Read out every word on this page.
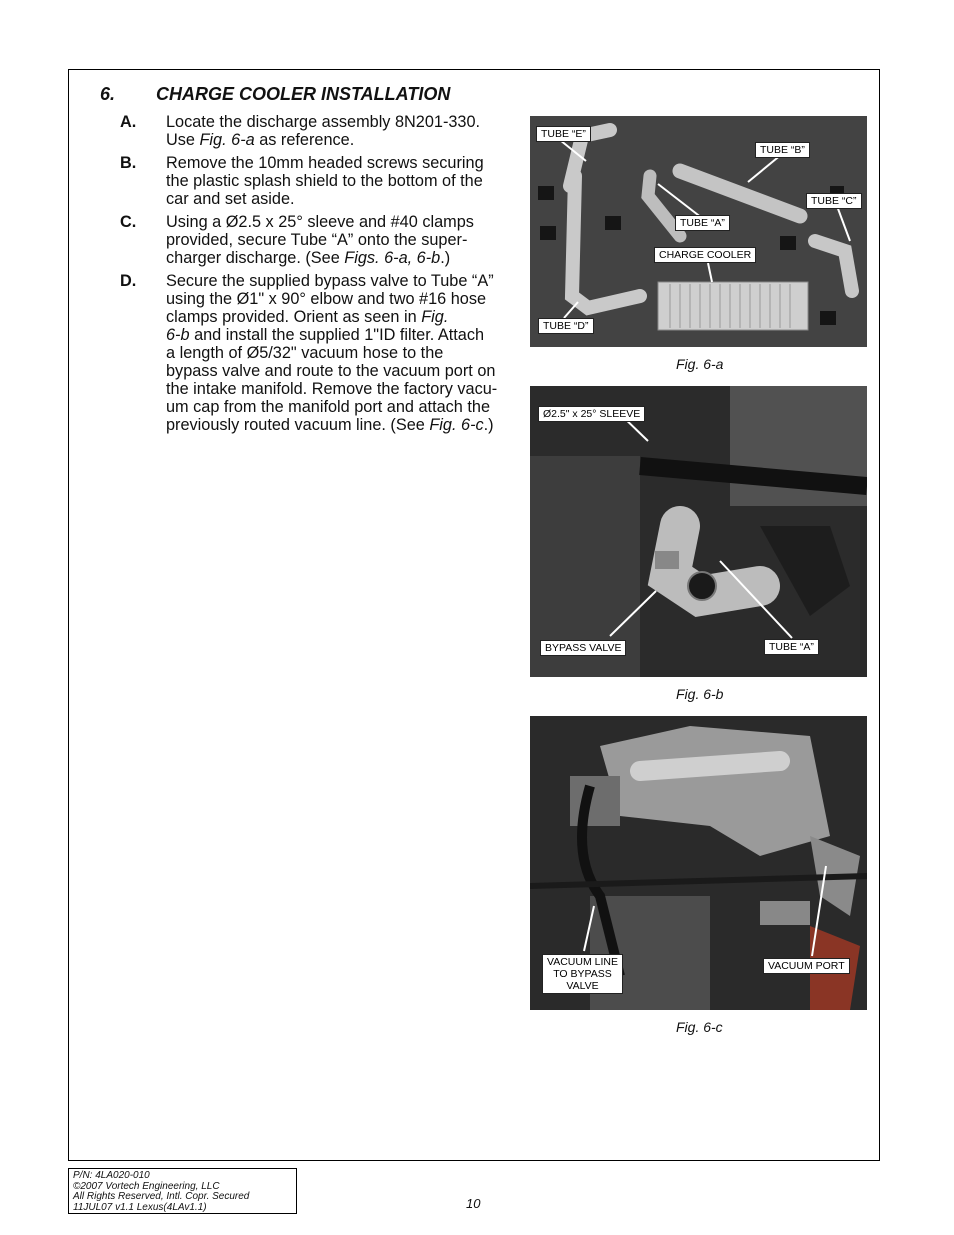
6. CHARGE COOLER INSTALLATION
A. Locate the discharge assembly 8N201-330.
Use Fig. 6-a as reference.
B. Remove the 10mm headed screws securing
the plastic splash shield to the bottom of the
car and set aside.
C. Using a Ø2.5 x 25° sleeve and #40 clamps
provided, secure Tube “A” onto the super-
charger discharge. (See Figs. 6-a, 6-b.)
D. Secure the supplied bypass valve to Tube “A”
using the Ø1" x 90° elbow and two #16 hose
clamps provided. Orient as seen in Fig.
6-b and install the supplied 1"ID filter. Attach
a length of Ø5/32" vacuum hose to the
bypass valve and route to the vacuum port on
the intake manifold. Remove the factory vacu-
um cap from the manifold port and attach the
previously routed vacuum line. (See Fig. 6-c.)
TUBE “E”
TUBE “B”
TUBE “C”
TUBE “A”
CHARGE COOLER
TUBE “D”
Fig. 6-a
Ø2.5" x 25° SLEEVE
BYPASS VALVE	TUBE “A”
Fig. 6-b
VACUUM LINE
TO BYPASS
VALVE
VACUUM PORT
Fig. 6-c
P/N: 4LA020-010
©2007 Vortech Engineering, LLC
All Rights Reserved, Intl. Copr. Secured
11JUL07 v1.1 Lexus(4LAv1.1)	10
